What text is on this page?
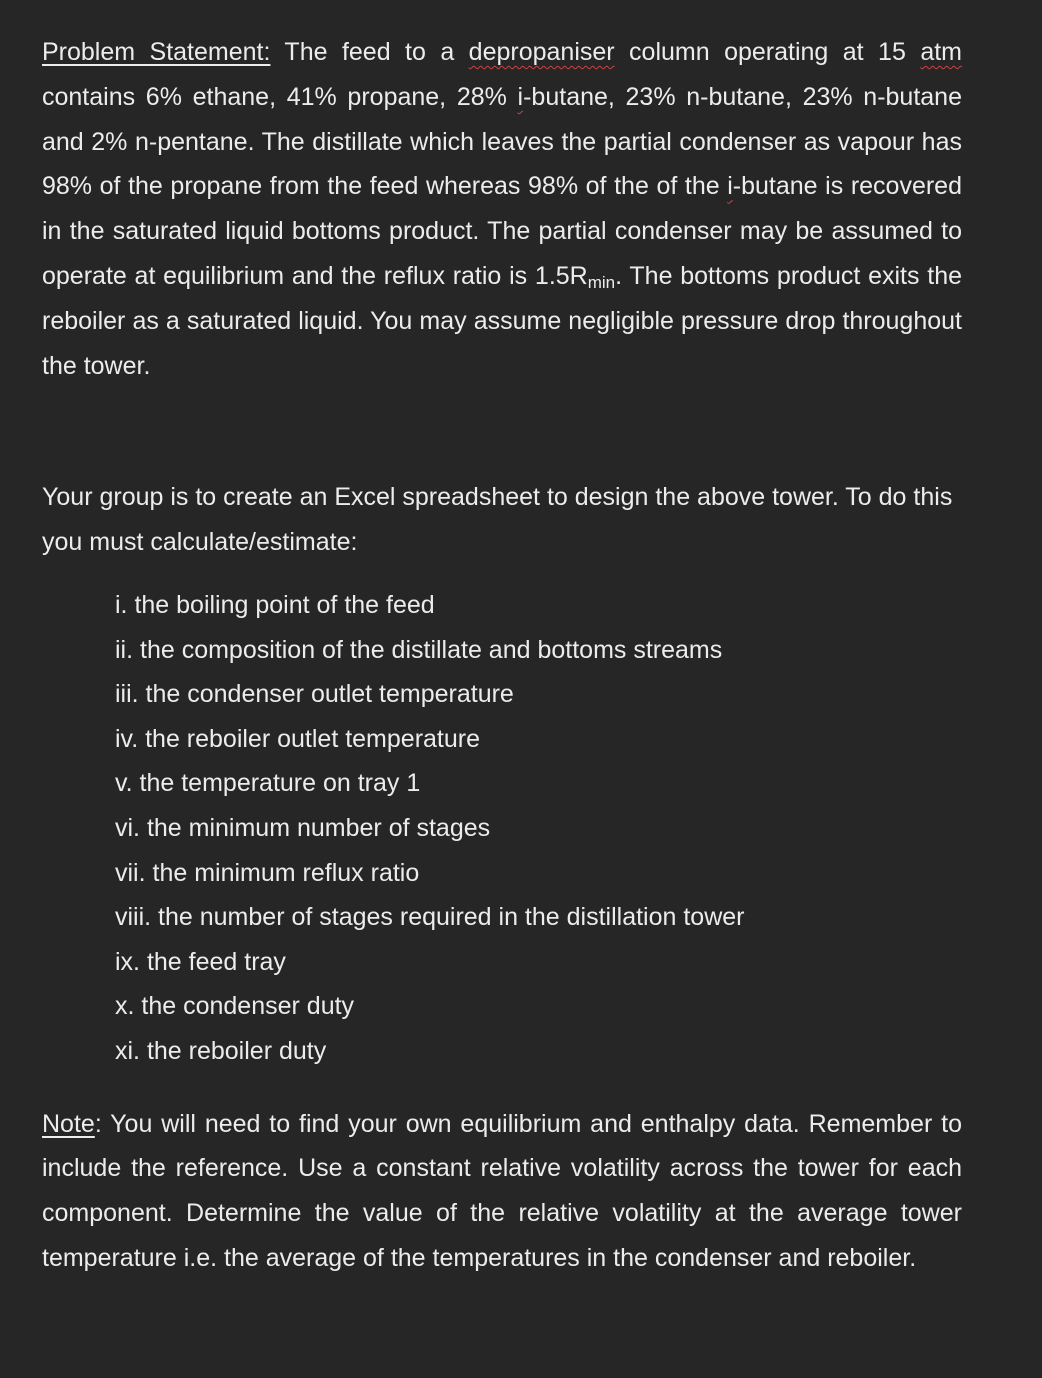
Problem Statement: The feed to a depropaniser column operating at 15 atm contains 6% ethane, 41% propane, 28% i-butane, 23% n-butane, 23% n-butane and 2% n-pentane. The distillate which leaves the partial condenser as vapour has 98% of the propane from the feed whereas 98% of the of the i-butane is recovered in the saturated liquid bottoms product. The partial condenser may be assumed to operate at equilibrium and the reflux ratio is $1.5R_{min}$. The bottoms product exits the reboiler as a saturated liquid. You may assume negligible pressure drop throughout the tower.

Your group is to create an Excel spreadsheet to design the above tower. To do this you must calculate/estimate:

i. the boiling point of the feed
ii. the composition of the distillate and bottoms streams
iii. the condenser outlet temperature
iv. the reboiler outlet temperature
v. the temperature on tray 1
vi. the minimum number of stages
vii. the minimum reflux ratio
viii. the number of stages required in the distillation tower
ix. the feed tray
x. the condenser duty
xi. the reboiler duty

Note: You will need to find your own equilibrium and enthalpy data. Remember to include the reference. Use a constant relative volatility across the tower for each component. Determine the value of the relative volatility at the average tower temperature i.e. the average of the temperatures in the condenser and reboiler.
